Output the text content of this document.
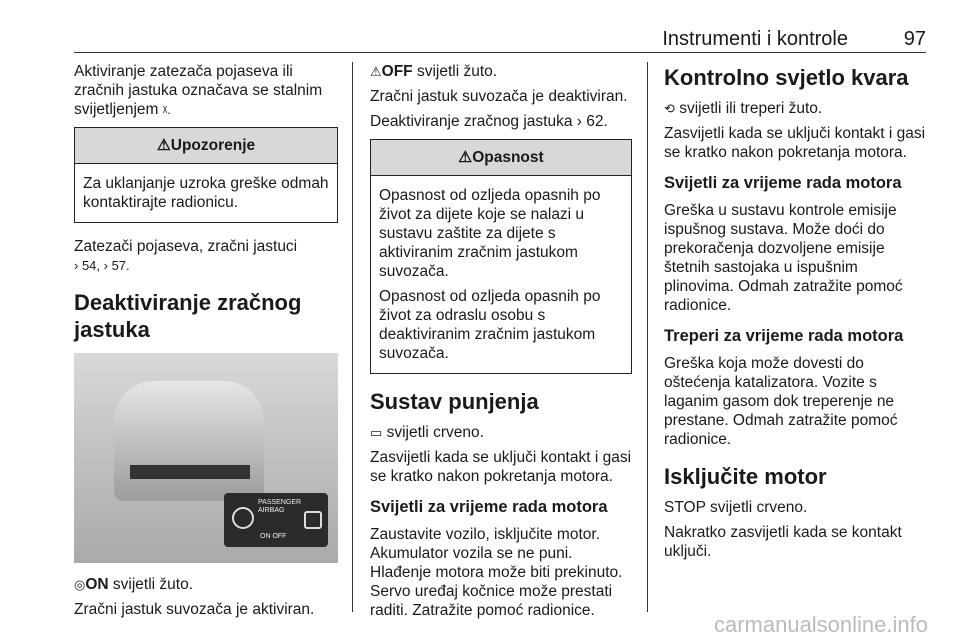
Instrumenti i kontrole	97

Aktiviranje zatezača pojaseva ili zračnih jastuka označava se stalnim svijetljenjem ᵡ.

⚠Upozorenje

Za uklanjanje uzroka greške odmah kontaktirajte radionicu.

Zatezači pojaseva, zračni jastuci
› 54, › 57.

Deaktiviranje zračnog jastuka
PASSENGER
AIRBAG
ON OFF

◎ON svijetli žuto.

Zračni jastuk suvozača je aktiviran.

⚠OFF svijetli žuto.

Zračni jastuk suvozača je deaktiviran.

Deaktiviranje zračnog jastuka › 62.

⚠Opasnost

Opasnost od ozljeda opasnih po život za dijete koje se nalazi u sustavu zaštite za dijete s aktiviranim zračnim jastukom suvozača.

Opasnost od ozljeda opasnih po život za odraslu osobu s deaktiviranim zračnim jastukom suvozača.

Sustav punjenja

▭ svijetli crveno.

Zasvijetli kada se uključi kontakt i gasi se kratko nakon pokretanja motora.

Svijetli za vrijeme rada motora

Zaustavite vozilo, isključite motor. Akumulator vozila se ne puni. Hlađenje motora može biti prekinuto. Servo uređaj kočnice može prestati raditi. Zatražite pomoć radionice.

Kontrolno svjetlo kvara

⟲ svijetli ili treperi žuto.

Zasvijetli kada se uključi kontakt i gasi se kratko nakon pokretanja motora.

Svijetli za vrijeme rada motora

Greška u sustavu kontrole emisije ispušnog sustava. Može doći do prekoračenja dozvoljene emisije štetnih sastojaka u ispušnim plinovima. Odmah zatražite pomoć radionice.

Treperi za vrijeme rada motora

Greška koja može dovesti do oštećenja katalizatora. Vozite s laganim gasom dok treperenje ne prestane. Odmah zatražite pomoć radionice.

Isključite motor

STOP svijetli crveno.

Nakratko zasvijetli kada se kontakt uključi.

carmanualsonline.info
